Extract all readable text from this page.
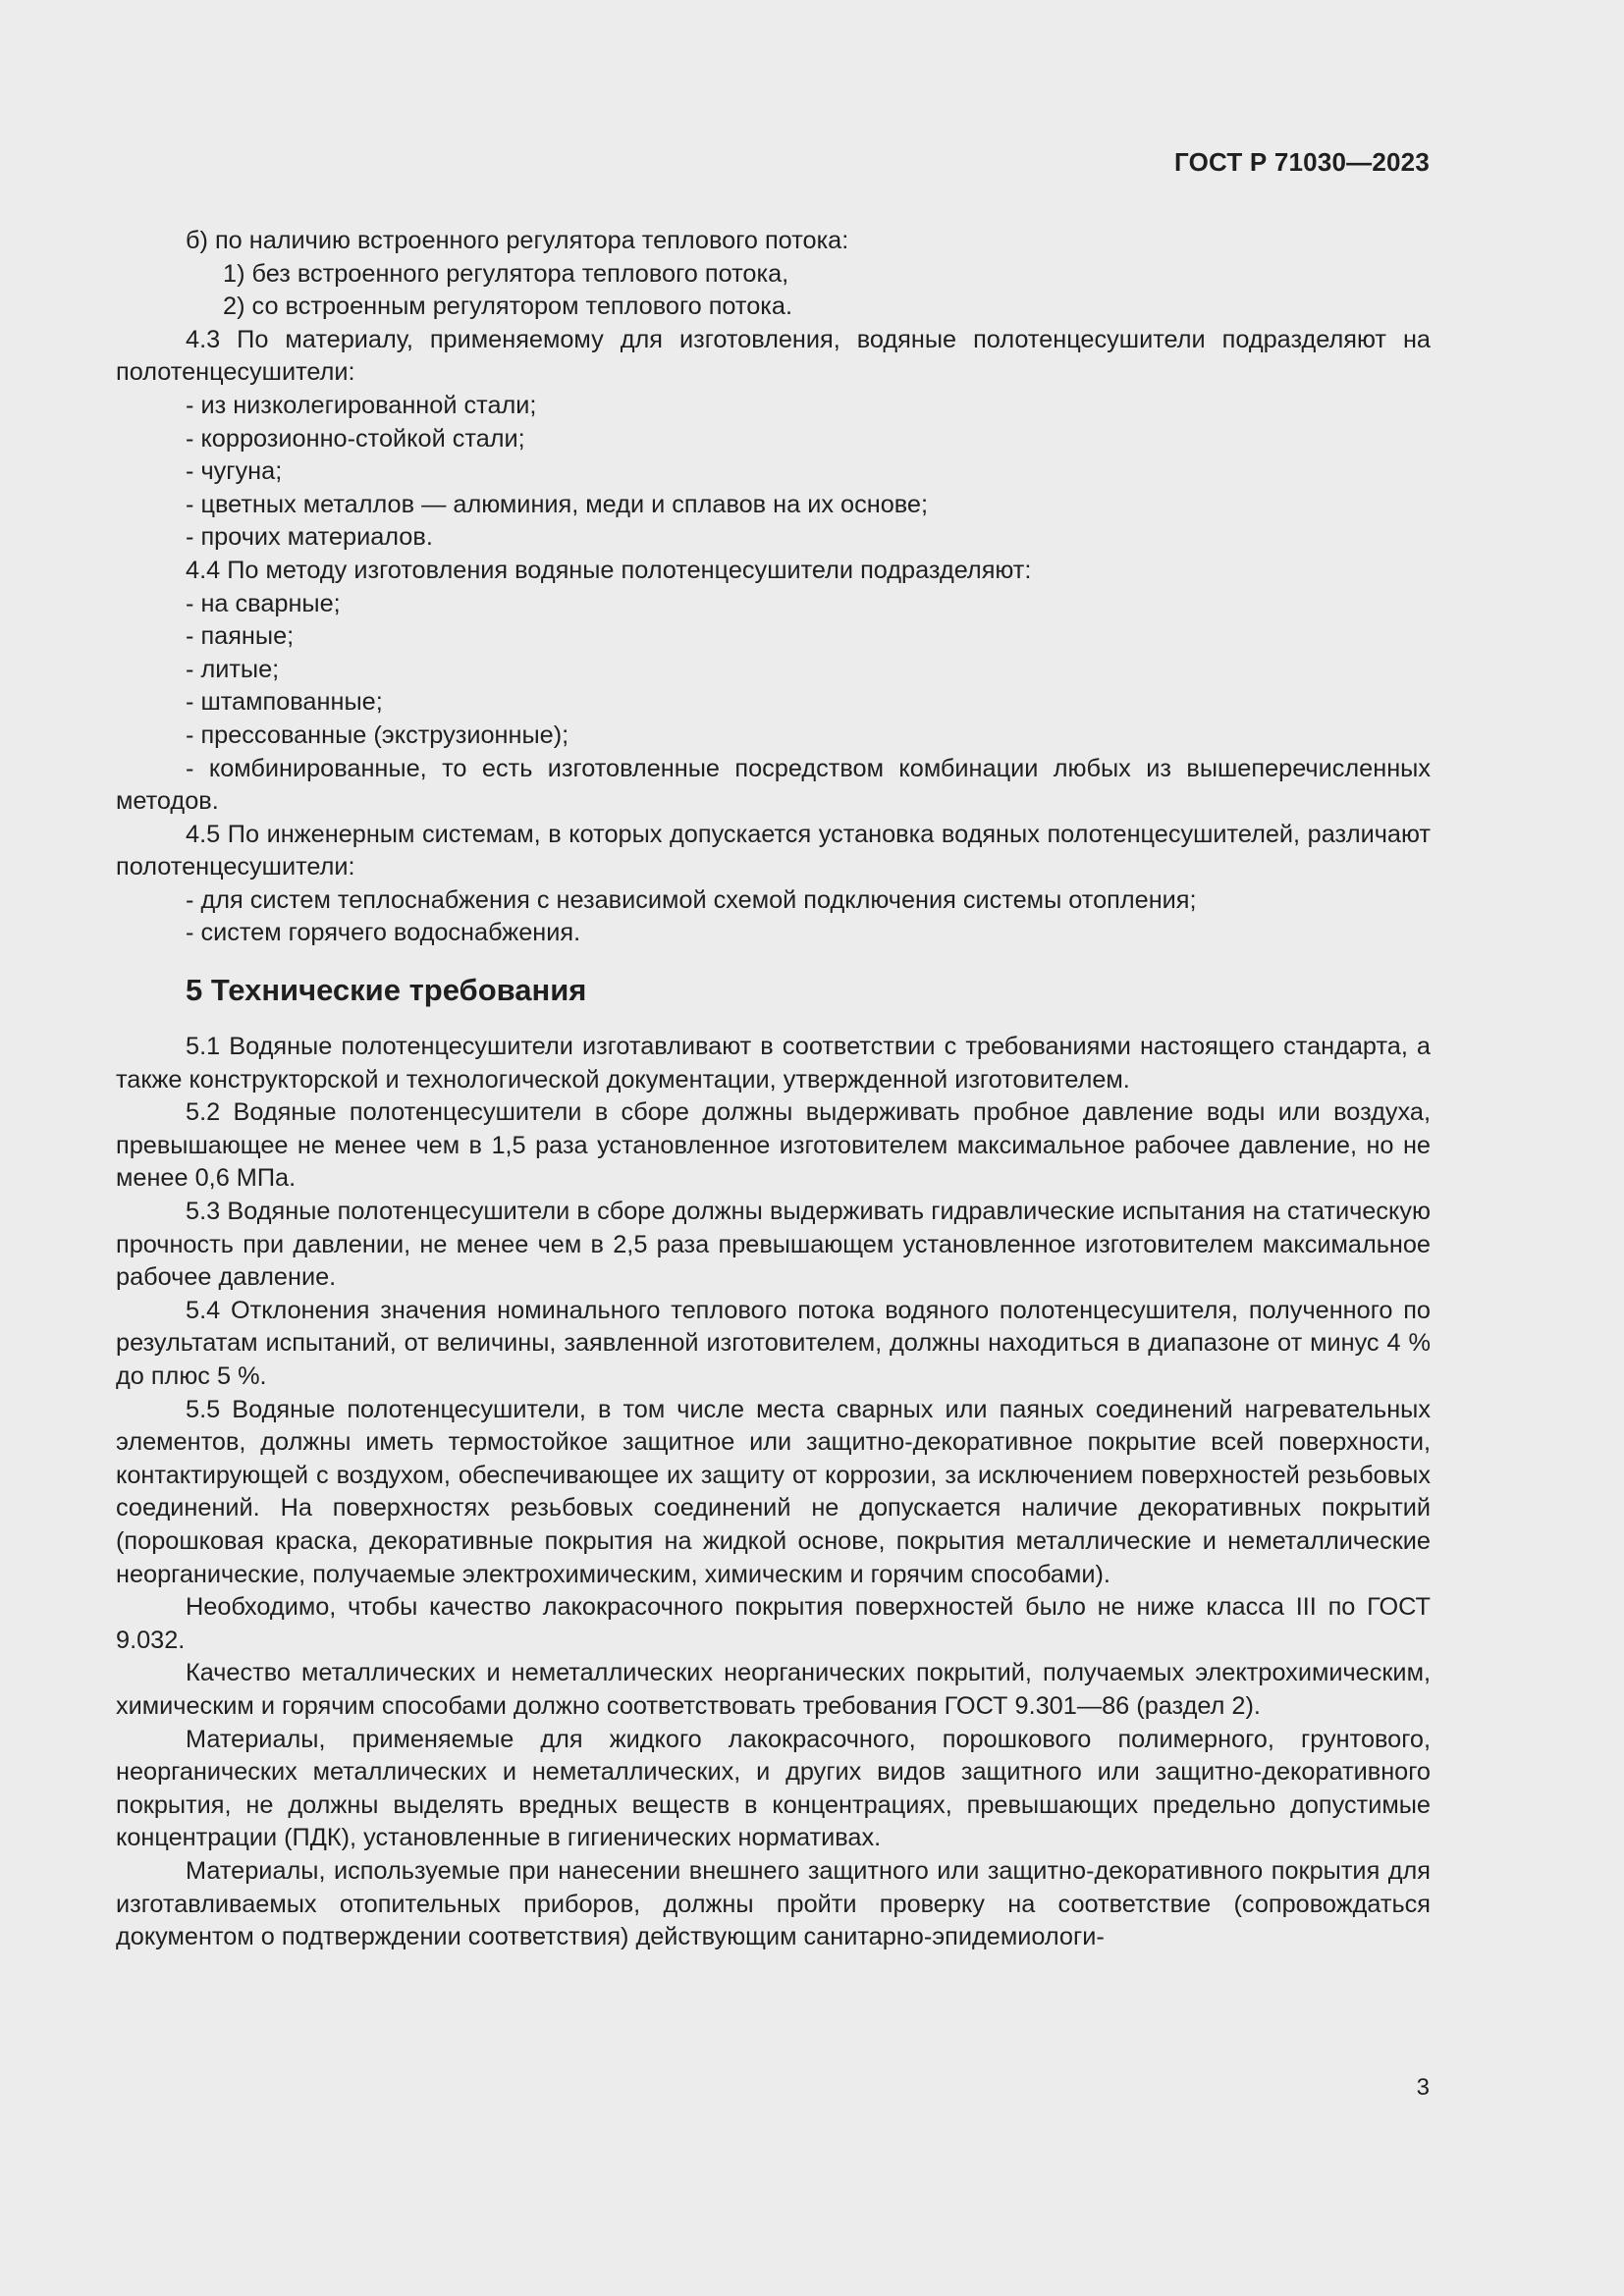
ГОСТ Р 71030—2023

б) по наличию встроенного регулятора теплового потока:

1) без встроенного регулятора теплового потока,

2) со встроенным регулятором теплового потока.

4.3 По материалу, применяемому для изготовления, водяные полотенцесушители подразделяют на полотенцесушители:

- из низколегированной стали;

- коррозионно-стойкой стали;

- чугуна;

- цветных металлов — алюминия, меди и сплавов на их основе;

- прочих материалов.

4.4 По методу изготовления водяные полотенцесушители подразделяют:

- на сварные;

- паяные;

- литые;

- штампованные;

- прессованные (экструзионные);

- комбинированные, то есть изготовленные посредством комбинации любых из вышеперечисленных методов.

4.5 По инженерным системам, в которых допускается установка водяных полотенцесушителей, различают полотенцесушители:

- для систем теплоснабжения с независимой схемой подключения системы отопления;

- систем горячего водоснабжения.

5 Технические требования

5.1 Водяные полотенцесушители изготавливают в соответствии с требованиями настоящего стандарта, а также конструкторской и технологической документации, утвержденной изготовителем.

5.2 Водяные полотенцесушители в сборе должны выдерживать пробное давление воды или воздуха, превышающее не менее чем в 1,5 раза установленное изготовителем максимальное рабочее давление, но не менее 0,6 МПа.

5.3 Водяные полотенцесушители в сборе должны выдерживать гидравлические испытания на статическую прочность при давлении, не менее чем в 2,5 раза превышающем установленное изготовителем максимальное рабочее давление.

5.4 Отклонения значения номинального теплового потока водяного полотенцесушителя, полученного по результатам испытаний, от величины, заявленной изготовителем, должны находиться в диапазоне от минус 4 % до плюс 5 %.

5.5 Водяные полотенцесушители, в том числе места сварных или паяных соединений нагревательных элементов, должны иметь термостойкое защитное или защитно-декоративное покрытие всей поверхности, контактирующей с воздухом, обеспечивающее их защиту от коррозии, за исключением поверхностей резьбовых соединений. На поверхностях резьбовых соединений не допускается наличие декоративных покрытий (порошковая краска, декоративные покрытия на жидкой основе, покрытия металлические и неметаллические неорганические, получаемые электрохимическим, химическим и горячим способами).

Необходимо, чтобы качество лакокрасочного покрытия поверхностей было не ниже класса III по ГОСТ 9.032.

Качество металлических и неметаллических неорганических покрытий, получаемых электрохимическим, химическим и горячим способами должно соответствовать требования ГОСТ 9.301—86 (раздел 2).

Материалы, применяемые для жидкого лакокрасочного, порошкового полимерного, грунтового, неорганических металлических и неметаллических, и других видов защитного или защитно-декоративного покрытия, не должны выделять вредных веществ в концентрациях, превышающих предельно допустимые концентрации (ПДК), установленные в гигиенических нормативах.

Материалы, используемые при нанесении внешнего защитного или защитно-декоративного покрытия для изготавливаемых отопительных приборов, должны пройти проверку на соответствие (сопровождаться документом о подтверждении соответствия) действующим санитарно-эпидемиологи-

3
